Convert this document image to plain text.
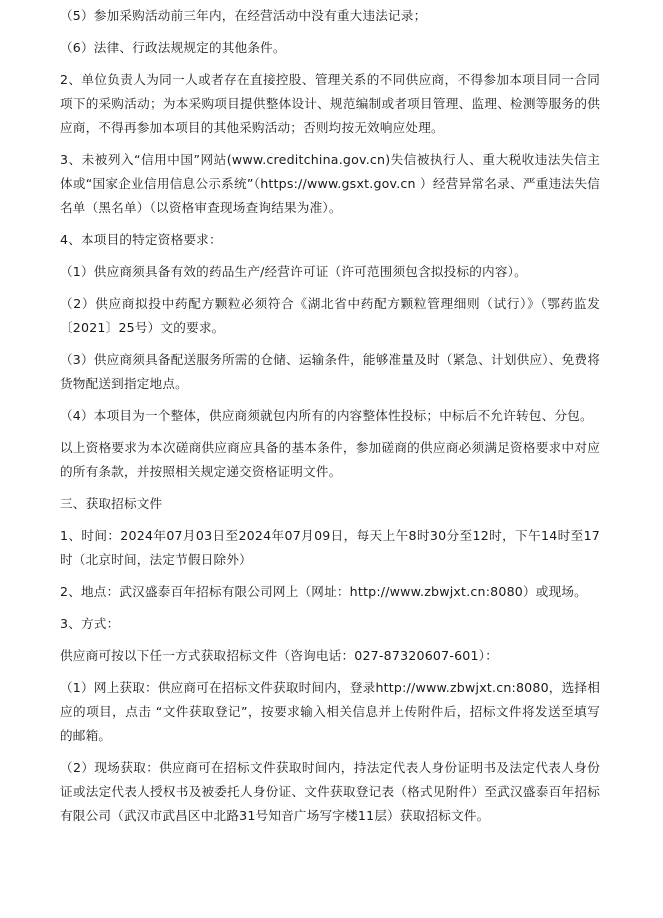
（5）参加采购活动前三年内，在经营活动中没有重大违法记录；

（6）法律、行政法规规定的其他条件。

2、单位负责人为同一人或者存在直接控股、管理关系的不同供应商，不得参加本项目同一合同项下的采购活动；为本采购项目提供整体设计、规范编制或者项目管理、监理、检测等服务的供应商，不得再参加本项目的其他采购活动；否则均按无效响应处理。

3、未被列入“信用中国”网站(www.creditchina.gov.cn)失信被执行人、重大税收违法失信主体或“国家企业信用信息公示系统”（https://www.gsxt.gov.cn ）经营异常名录、严重违法失信名单（黑名单）（以资格审查现场查询结果为准）。

4、本项目的特定资格要求：

（1）供应商须具备有效的药品生产/经营许可证（许可范围须包含拟投标的内容）。

（2）供应商拟投中药配方颗粒必须符合《湖北省中药配方颗粒管理细则（试行）》（鄂药监发〔2021〕25号）文的要求。

（3）供应商须具备配送服务所需的仓储、运输条件，能够准量及时（紧急、计划供应）、免费将货物配送到指定地点。

（4）本项目为一个整体，供应商须就包内所有的内容整体性投标；中标后不允许转包、分包。

以上资格要求为本次磋商供应商应具备的基本条件，参加磋商的供应商必须满足资格要求中对应的所有条款，并按照相关规定递交资格证明文件。

三、获取招标文件

1、时间：2024年07月03日至2024年07月09日，每天上午8时30分至12时，下午14时至17时（北京时间，法定节假日除外）

2、地点：武汉盛泰百年招标有限公司网上（网址：http://www.zbwjxt.cn:8080）或现场。

3、方式：

供应商可按以下任一方式获取招标文件（咨询电话：027-87320607-601）：

（1）网上获取：供应商可在招标文件获取时间内，登录http://www.zbwjxt.cn:8080，选择相应的项目，点击 “文件获取登记”，按要求输入相关信息并上传附件后，招标文件将发送至填写的邮箱。

（2）现场获取：供应商可在招标文件获取时间内，持法定代表人身份证明书及法定代表人身份证或法定代表人授权书及被委托人身份证、文件获取登记表（格式见附件）至武汉盛泰百年招标有限公司（武汉市武昌区中北路31号知音广场写字楼11层）获取招标文件。
